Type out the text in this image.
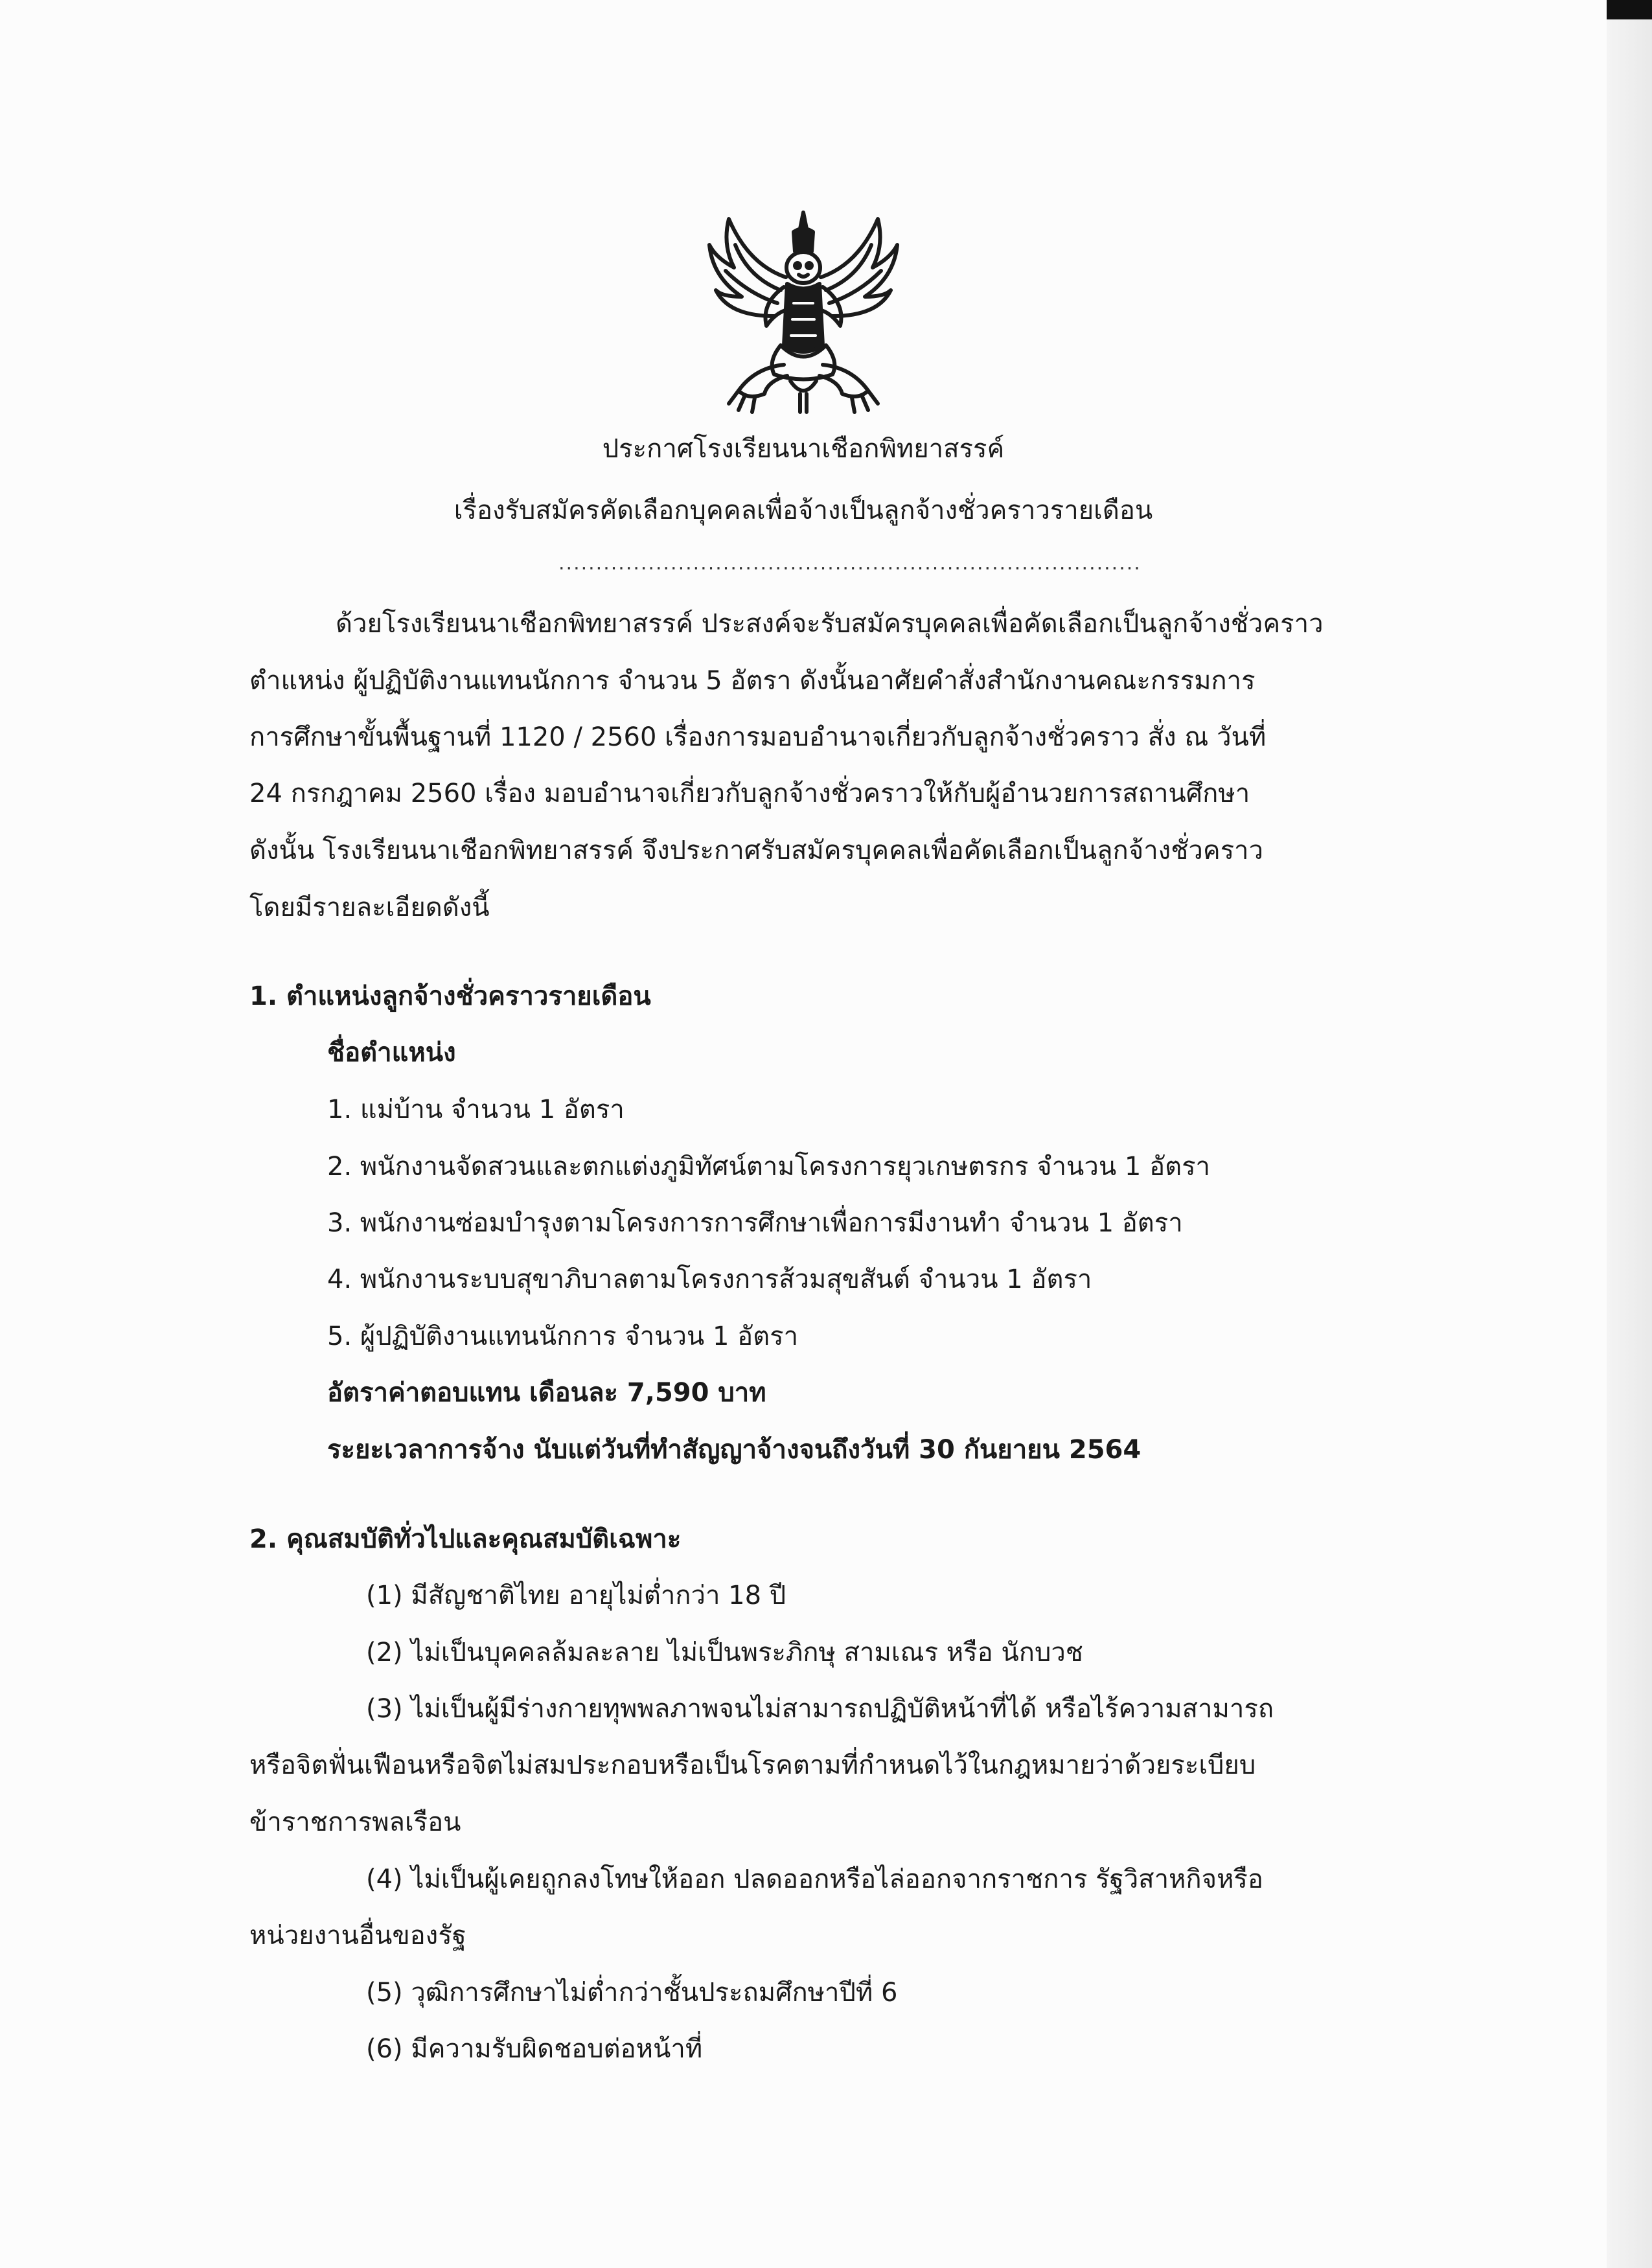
ประกาศโรงเรียนนาเชือกพิทยาสรรค์
เรื่องรับสมัครคัดเลือกบุคคลเพื่อจ้างเป็นลูกจ้างชั่วคราวรายเดือน
..............................................................................
ด้วยโรงเรียนนาเชือกพิทยาสรรค์ ประสงค์จะรับสมัครบุคคลเพื่อคัดเลือกเป็นลูกจ้างชั่วคราว
ตำแหน่ง ผู้ปฏิบัติงานแทนนักการ จำนวน 5 อัตรา ดังนั้นอาศัยคำสั่งสำนักงานคณะกรรมการ
การศึกษาขั้นพื้นฐานที่ 1120 / 2560 เรื่องการมอบอำนาจเกี่ยวกับลูกจ้างชั่วคราว สั่ง ณ วันที่
24 กรกฎาคม 2560 เรื่อง มอบอำนาจเกี่ยวกับลูกจ้างชั่วคราวให้กับผู้อำนวยการสถานศึกษา
ดังนั้น โรงเรียนนาเชือกพิทยาสรรค์ จึงประกาศรับสมัครบุคคลเพื่อคัดเลือกเป็นลูกจ้างชั่วคราว
โดยมีรายละเอียดดังนี้
1. ตำแหน่งลูกจ้างชั่วคราวรายเดือน
ชื่อตำแหน่ง
1. แม่บ้าน จำนวน 1 อัตรา
2. พนักงานจัดสวนและตกแต่งภูมิทัศน์ตามโครงการยุวเกษตรกร จำนวน 1 อัตรา
3. พนักงานซ่อมบำรุงตามโครงการการศึกษาเพื่อการมีงานทำ จำนวน 1 อัตรา
4. พนักงานระบบสุขาภิบาลตามโครงการส้วมสุขสันต์ จำนวน 1 อัตรา
5. ผู้ปฏิบัติงานแทนนักการ จำนวน 1 อัตรา
อัตราค่าตอบแทน เดือนละ 7,590 บาท
ระยะเวลาการจ้าง นับแต่วันที่ทำสัญญาจ้างจนถึงวันที่ 30 กันยายน 2564
2. คุณสมบัติทั่วไปและคุณสมบัติเฉพาะ
(1) มีสัญชาติไทย อายุไม่ต่ำกว่า 18 ปี
(2) ไม่เป็นบุคคลล้มละลาย ไม่เป็นพระภิกษุ สามเณร หรือ นักบวช
(3) ไม่เป็นผู้มีร่างกายทุพพลภาพจนไม่สามารถปฏิบัติหน้าที่ได้ หรือไร้ความสามารถ
หรือจิตฟั่นเฟือนหรือจิตไม่สมประกอบหรือเป็นโรคตามที่กำหนดไว้ในกฎหมายว่าด้วยระเบียบ
ข้าราชการพลเรือน
(4) ไม่เป็นผู้เคยถูกลงโทษให้ออก ปลดออกหรือไล่ออกจากราชการ รัฐวิสาหกิจหรือ
หน่วยงานอื่นของรัฐ
(5) วุฒิการศึกษาไม่ต่ำกว่าชั้นประถมศึกษาปีที่ 6
(6) มีความรับผิดชอบต่อหน้าที่
